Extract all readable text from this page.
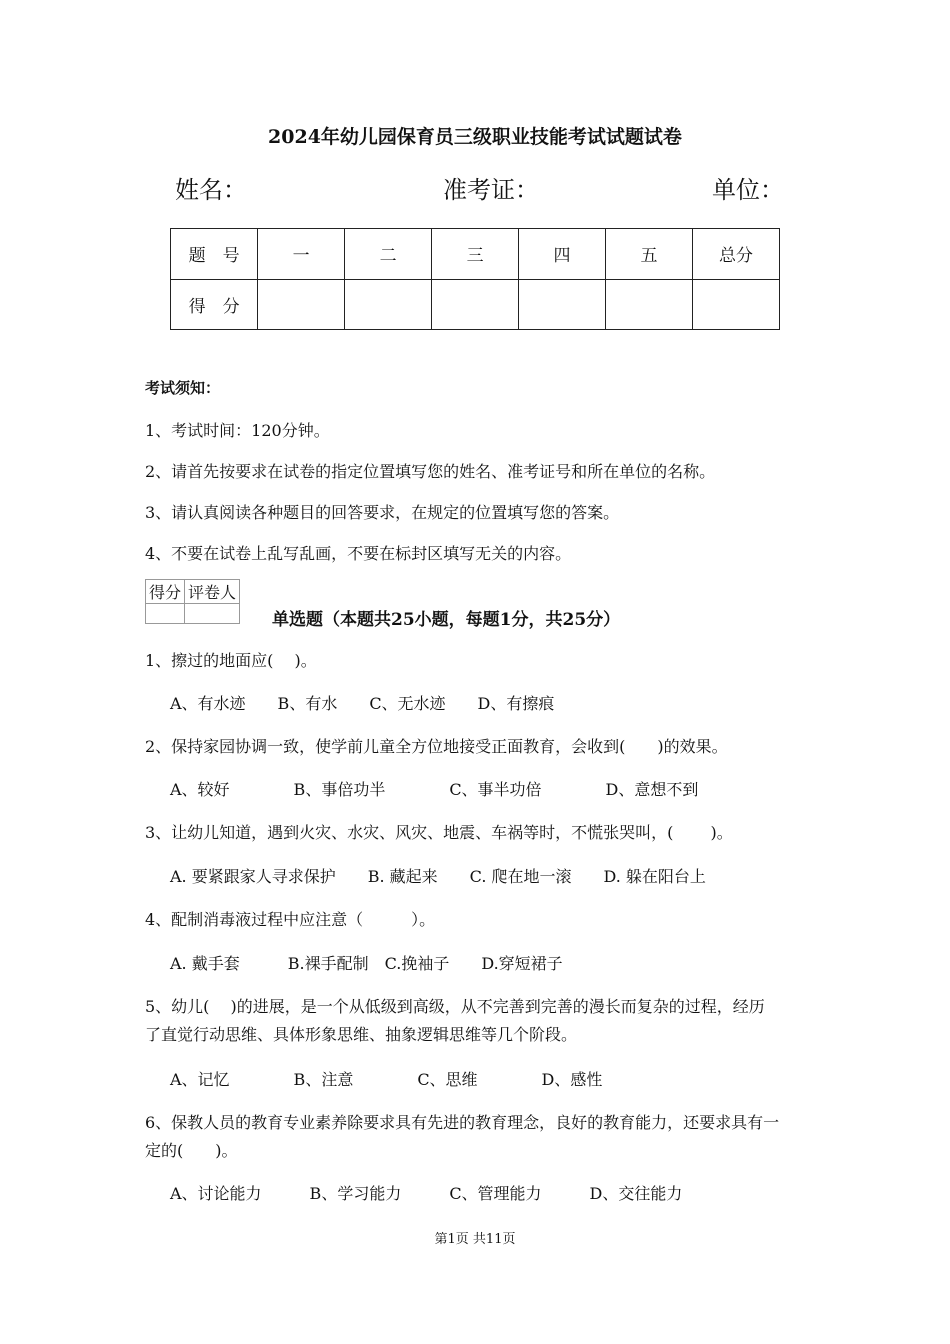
2024年幼儿园保育员三级职业技能考试试题试卷
姓名：	准考证：	单位：
题　号	一	二	三	四	五	总分
得　分						
考试须知：
1、考试时间：120分钟。
2、请首先按要求在试卷的指定位置填写您的姓名、准考证号和所在单位的名称。
3、请认真阅读各种题目的回答要求，在规定的位置填写您的答案。
4、不要在试卷上乱写乱画，不要在标封区填写无关的内容。
得分	评卷人

单选题（本题共25小题，每题1分，共25分）
1、擦过的地面应(　 )。
A、有水迹　　B、有水　　C、无水迹　　D、有擦痕
2、保持家园协调一致，使学前儿童全方位地接受正面教育，会收到(　　)的效果。
A、较好　　　　B、事倍功半　　　　C、事半功倍　　　　D、意想不到
3、让幼儿知道，遇到火灾、水灾、风灾、地震、车祸等时，不慌张哭叫，(　　 )。
A. 要紧跟家人寻求保护　　B. 藏起来　　C. 爬在地一滚　　D. 躲在阳台上
4、配制消毒液过程中应注意（　　　）。
A. 戴手套　　　B.裸手配制　C.挽袖子　　D.穿短裙子
5、幼儿(　 )的进展，是一个从低级到高级，从不完善到完善的漫长而复杂的过程，经历
了直觉行动思维、具体形象思维、抽象逻辑思维等几个阶段。
A、记忆　　　　B、注意　　　　C、思维　　　　D、感性
6、保教人员的教育专业素养除要求具有先进的教育理念，良好的教育能力，还要求具有一
定的(　　)。
A、讨论能力　　　B、学习能力　　　C、管理能力　　　D、交往能力
第1页 共11页
